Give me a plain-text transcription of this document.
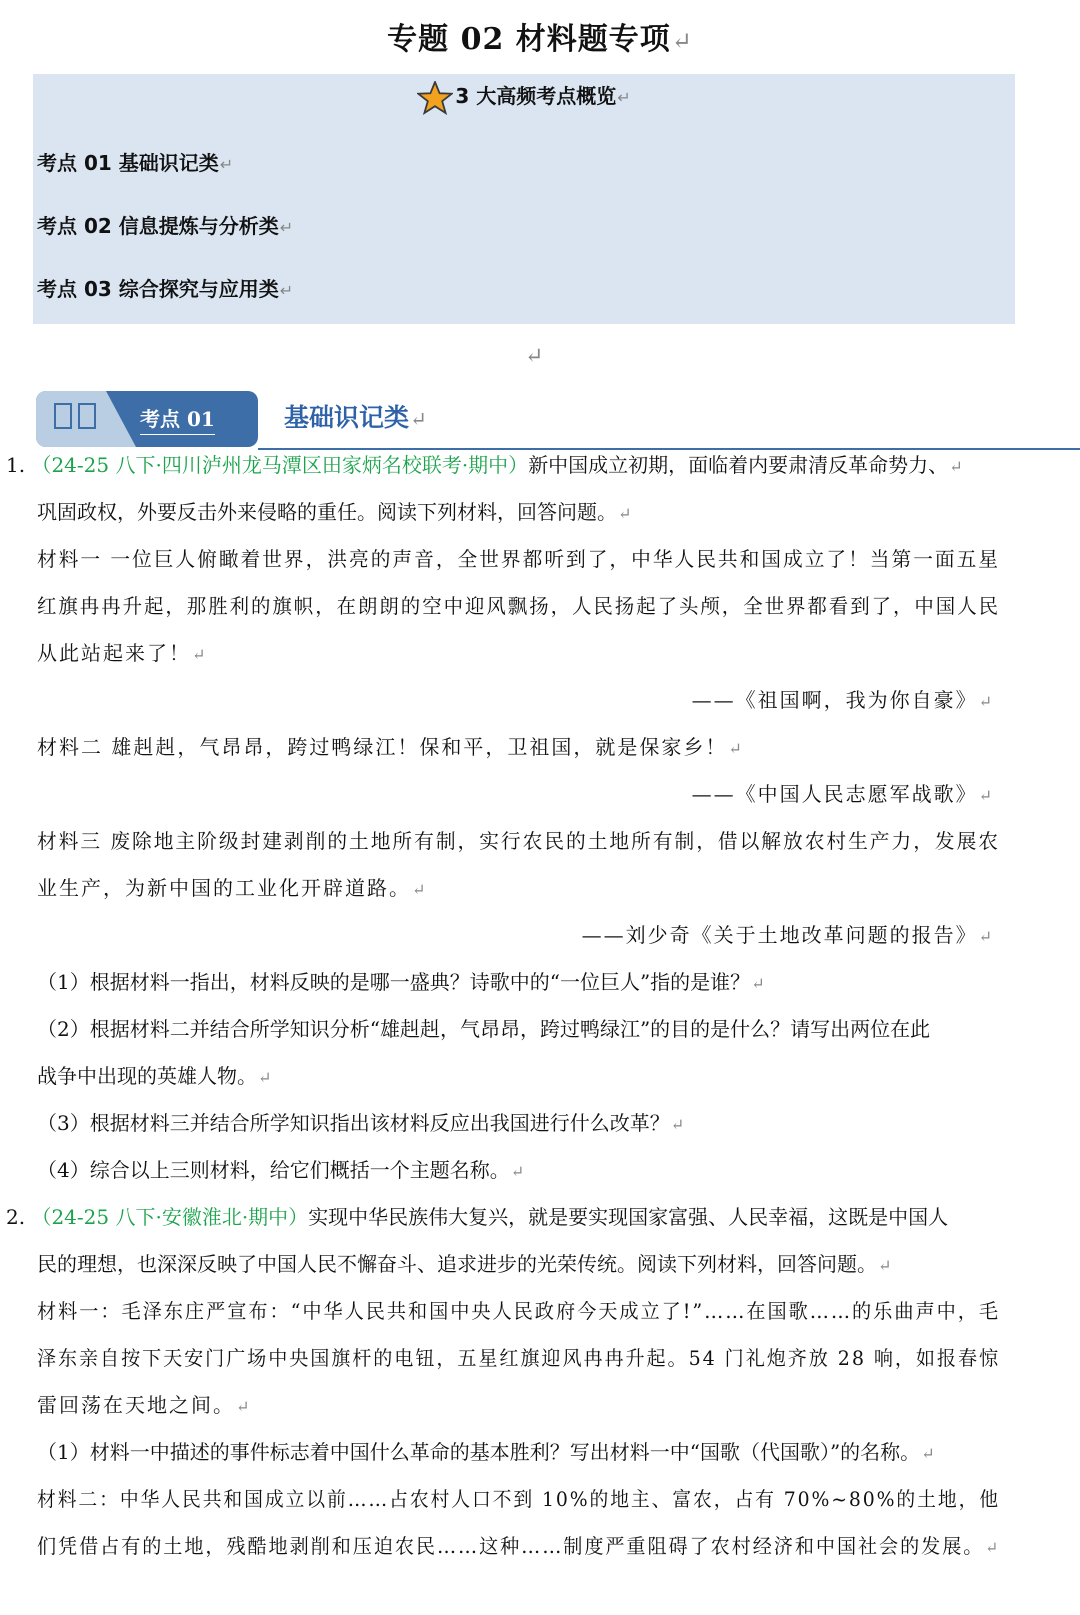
专题 02 材料题专项↵
3 大高频考点概览↵
考点 01 基础识记类↵
考点 02 信息提炼与分析类↵
考点 03 综合探究与应用类↵
↵
考点 01	基础识记类↵
1. （24-25 八下·四川泸州龙马潭区田家炳名校联考·期中）新中国成立初期，面临着内要肃清反革命势力、↵
巩固政权，外要反击外来侵略的重任。阅读下列材料，回答问题。↵
材料一 一位巨人俯瞰着世界，洪亮的声音，全世界都听到了，中华人民共和国成立了！当第一面五星
红旗冉冉升起，那胜利的旗帜，在朗朗的空中迎风飘扬，人民扬起了头颅，全世界都看到了，中国人民
从此站起来了！↵
——《祖国啊，我为你自豪》↵
材料二 雄赳赳，气昂昂，跨过鸭绿江！保和平，卫祖国，就是保家乡！↵
——《中国人民志愿军战歌》↵
材料三 废除地主阶级封建剥削的土地所有制，实行农民的土地所有制，借以解放农村生产力，发展农
业生产，为新中国的工业化开辟道路。↵
——刘少奇《关于土地改革问题的报告》↵
（1）根据材料一指出，材料反映的是哪一盛典？诗歌中的“一位巨人”指的是谁？↵
（2）根据材料二并结合所学知识分析“雄赳赳，气昂昂，跨过鸭绿江”的目的是什么？请写出两位在此
战争中出现的英雄人物。↵
（3）根据材料三并结合所学知识指出该材料反应出我国进行什么改革？↵
（4）综合以上三则材料，给它们概括一个主题名称。↵
2. （24-25 八下·安徽淮北·期中）实现中华民族伟大复兴，就是要实现国家富强、人民幸福，这既是中国人
民的理想，也深深反映了中国人民不懈奋斗、追求进步的光荣传统。阅读下列材料，回答问题。↵
材料一：毛泽东庄严宣布：“中华人民共和国中央人民政府今天成立了!”……在国歌……的乐曲声中，毛
泽东亲自按下天安门广场中央国旗杆的电钮，五星红旗迎风冉冉升起。54 门礼炮齐放 28 响，如报春惊
雷回荡在天地之间。↵
（1）材料一中描述的事件标志着中国什么革命的基本胜利？写出材料一中“国歌（代国歌）”的名称。↵
材料二：中华人民共和国成立以前……占农村人口不到 10%的地主、富农，占有 70%~80%的土地，他
们凭借占有的土地，残酷地剥削和压迫农民……这种……制度严重阻碍了农村经济和中国社会的发展。↵
